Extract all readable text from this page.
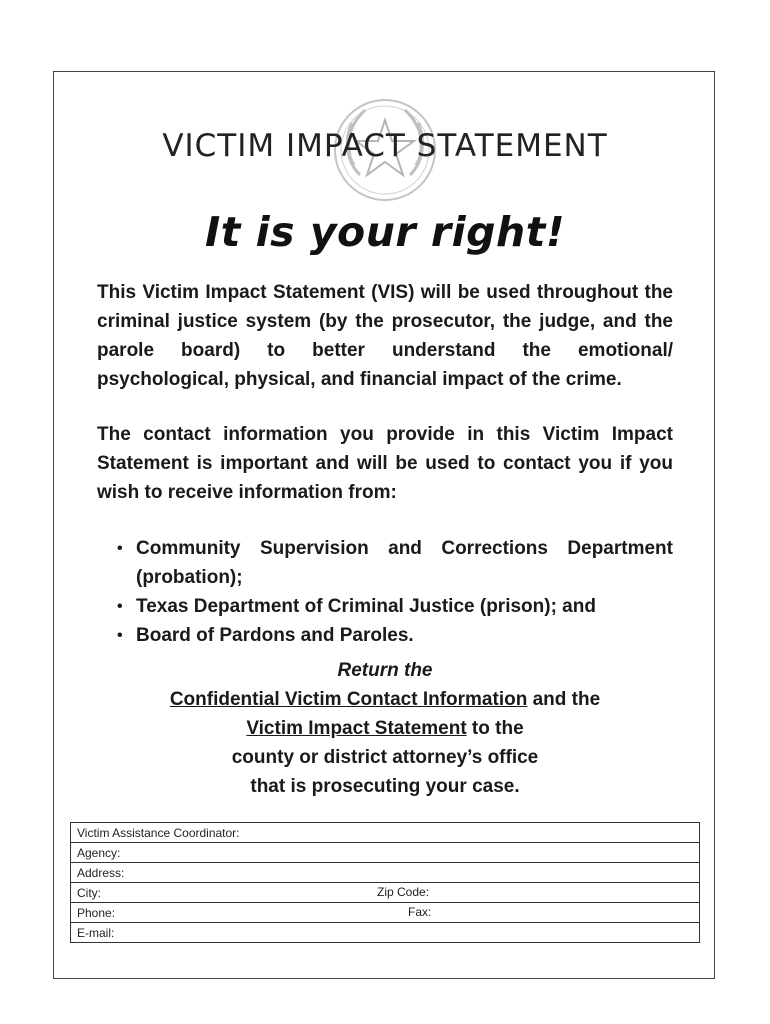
VICTIM IMPACT STATEMENT
It is your right!
This Victim Impact Statement (VIS) will be used throughout the criminal justice system (by the prosecutor, the judge, and the parole board) to better understand the emotional/ psychological, physical, and financial impact of the crime.
The contact information you provide in this Victim Impact Statement is important and will be used to contact you if you wish to receive information from:
• Community Supervision and Corrections Department (probation);
• Texas Department of Criminal Justice (prison); and
• Board of Pardons and Paroles.
Return the
Confidential Victim Contact Information and the
Victim Impact Statement to the
county or district attorney’s office
that is prosecuting your case.
Victim Assistance Coordinator:
Agency:
Address:
City:	Zip Code:

Phone:	Fax:

E-mail:
